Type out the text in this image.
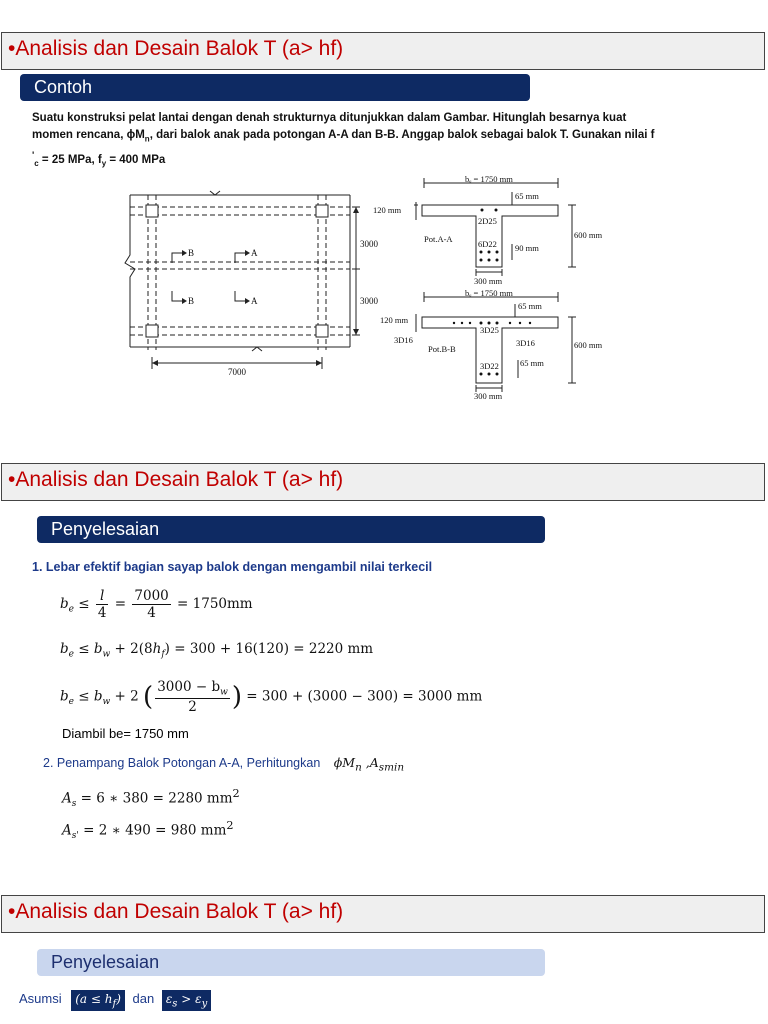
•Analisis dan Desain Balok T (a> hf)
Contoh
Suatu konstruksi pelat lantai dengan denah strukturnya ditunjukkan dalam Gambar. Hitunglah besarnya kuat
momen rencana, $\phi M_n$, dari balok anak pada potongan A-A dan B-B. Anggap balok sebagai balok T. Gunakan nilai f
'$_c$ = 25 MPa, $f_y = 400$ MPa
B	A
B	A
3000
3000
7000
bₑ = 1750 mm
65 mm
120 mm
2D25
Pot.A-A	6D22 90 mm
600 mm
300 mm
bₑ = 1750 mm
65 mm
120 mm
3D25
3D16	3D16
Pot.B-B	600 mm
3D22 65 mm
300 mm
•Analisis dan Desain Balok T (a> hf)
Penyelesaian
1. Lebar efektif bagian sayap balok dengan mengambil nilai terkecil
$b_e \le \frac{l}{4} = \frac{7000}{4} = 1750mm$
$b_e \le b_w + 2(8h_f) = 300 + 16(120) = 2220$ mm
$b_e \le b_w + 2$ ( $\frac{3000 - b_w}{2}$ ) = 300 + (3000 − 300) = 3000 mm
Diambil be= 1750 mm
2. Penampang Balok Potongan A-A, Perhitungkan $\phi M_n$ $,A_{smin}$
$A_s = 6$ ∗ 380 = 2280 $mm^2$
$A_{s'} = 2$ ∗ 490 = 980 $mm^2$
•Analisis dan Desain Balok T (a> hf)
Penyelesaian
Asumsi $(a \le h_f)$ dan $\varepsilon_s > \varepsilon_y$
